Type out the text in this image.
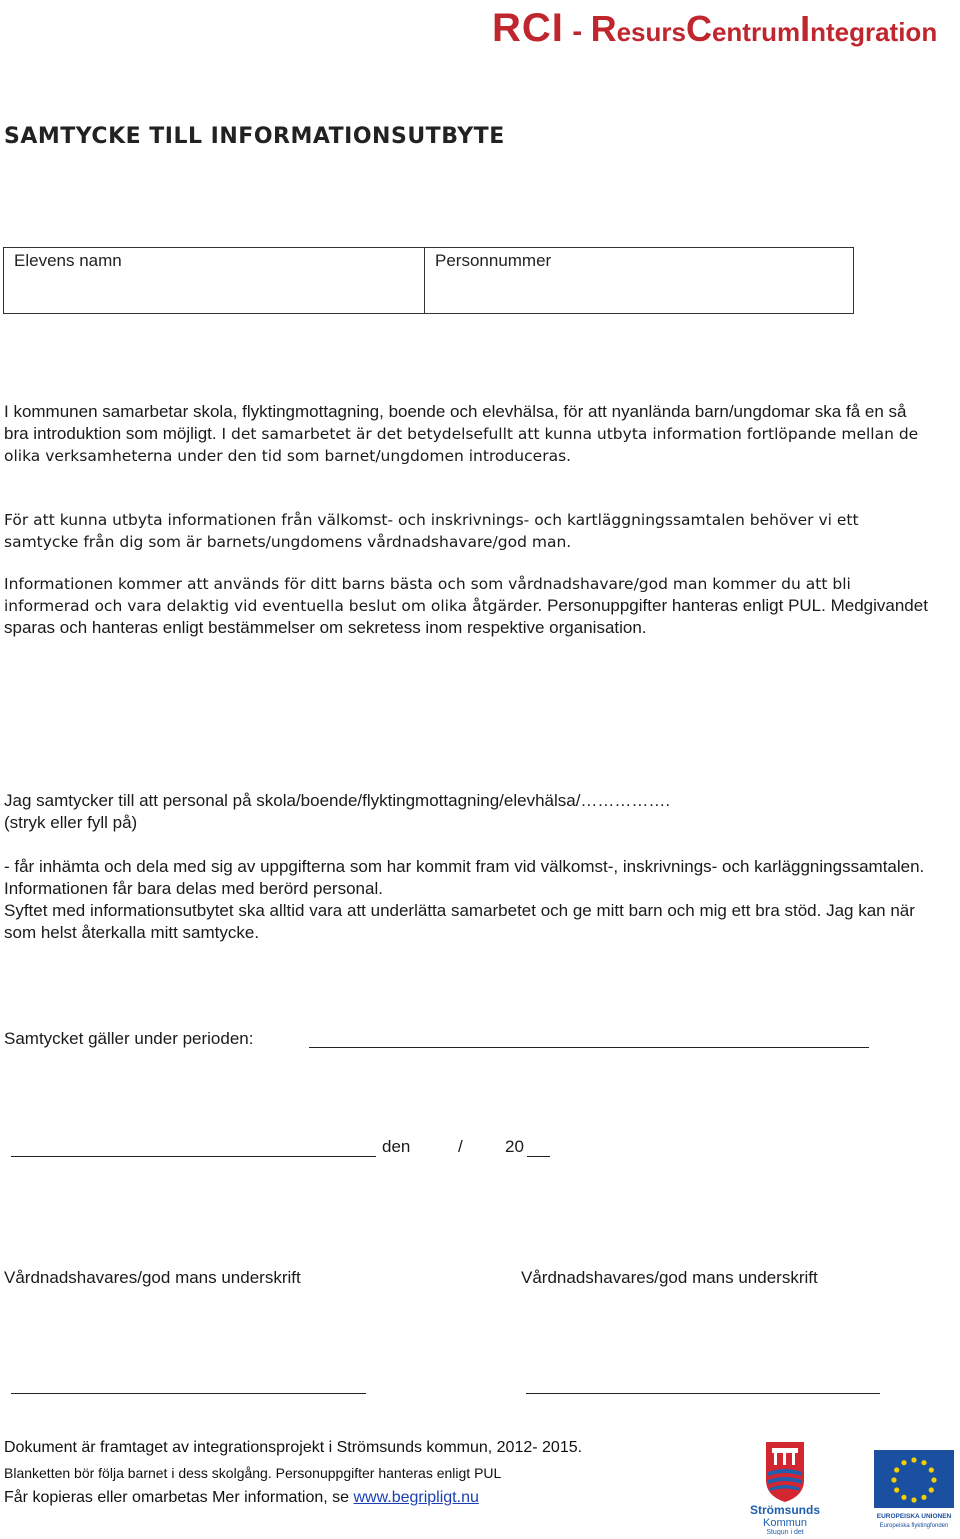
RCI - ResursCentrumIntegration
SAMTYCKE TILL INFORMATIONSUTBYTE
Elevens namn	Personnummer
I kommunen samarbetar skola, flyktingmottagning, boende och elevhälsa, för att nyanlända barn/ungdomar ska få en så bra introduktion som möjligt. I det samarbetet är det betydelsefullt att kunna utbyta information fortlöpande mellan de olika verksamheterna under den tid som barnet/ungdomen introduceras.
För att kunna utbyta informationen från välkomst- och inskrivnings- och kartläggningssamtalen behöver vi ett samtycke från dig som är barnets/ungdomens vårdnadshavare/god man.
Informationen kommer att används för ditt barns bästa och som vårdnadshavare/god man kommer du att bli informerad och vara delaktig vid eventuella beslut om olika åtgärder. Personuppgifter hanteras enligt PUL. Medgivandet sparas och hanteras enligt bestämmelser om sekretess inom respektive organisation.
Jag samtycker till att personal på skola/boende/flyktingmottagning/elevhälsa/…………….
(stryk eller fyll på)
- får inhämta och dela med sig av uppgifterna som har kommit fram vid välkomst-, inskrivnings- och karläggningssamtalen. Informationen får bara delas med berörd personal.
Syftet med informationsutbytet ska alltid vara att underlätta samarbetet och ge mitt barn och mig ett bra stöd. Jag kan när som helst återkalla mitt samtycke.
Samtycket gäller under perioden:
den	/ 20
Vårdnadshavares/god mans underskrift	Vårdnadshavares/god mans underskrift
Dokument är framtaget av integrationsprojekt i Strömsunds kommun, 2012- 2015.
Blanketten bör följa barnet i dess skolgång. Personuppgifter hanteras enligt PUL
Får kopieras eller omarbetas Mer information, se www.begripligt.nu
Strömsunds
Kommun
Stugun i det
EUROPEISKA UNIONEN
Europeiska flyktingfonden
